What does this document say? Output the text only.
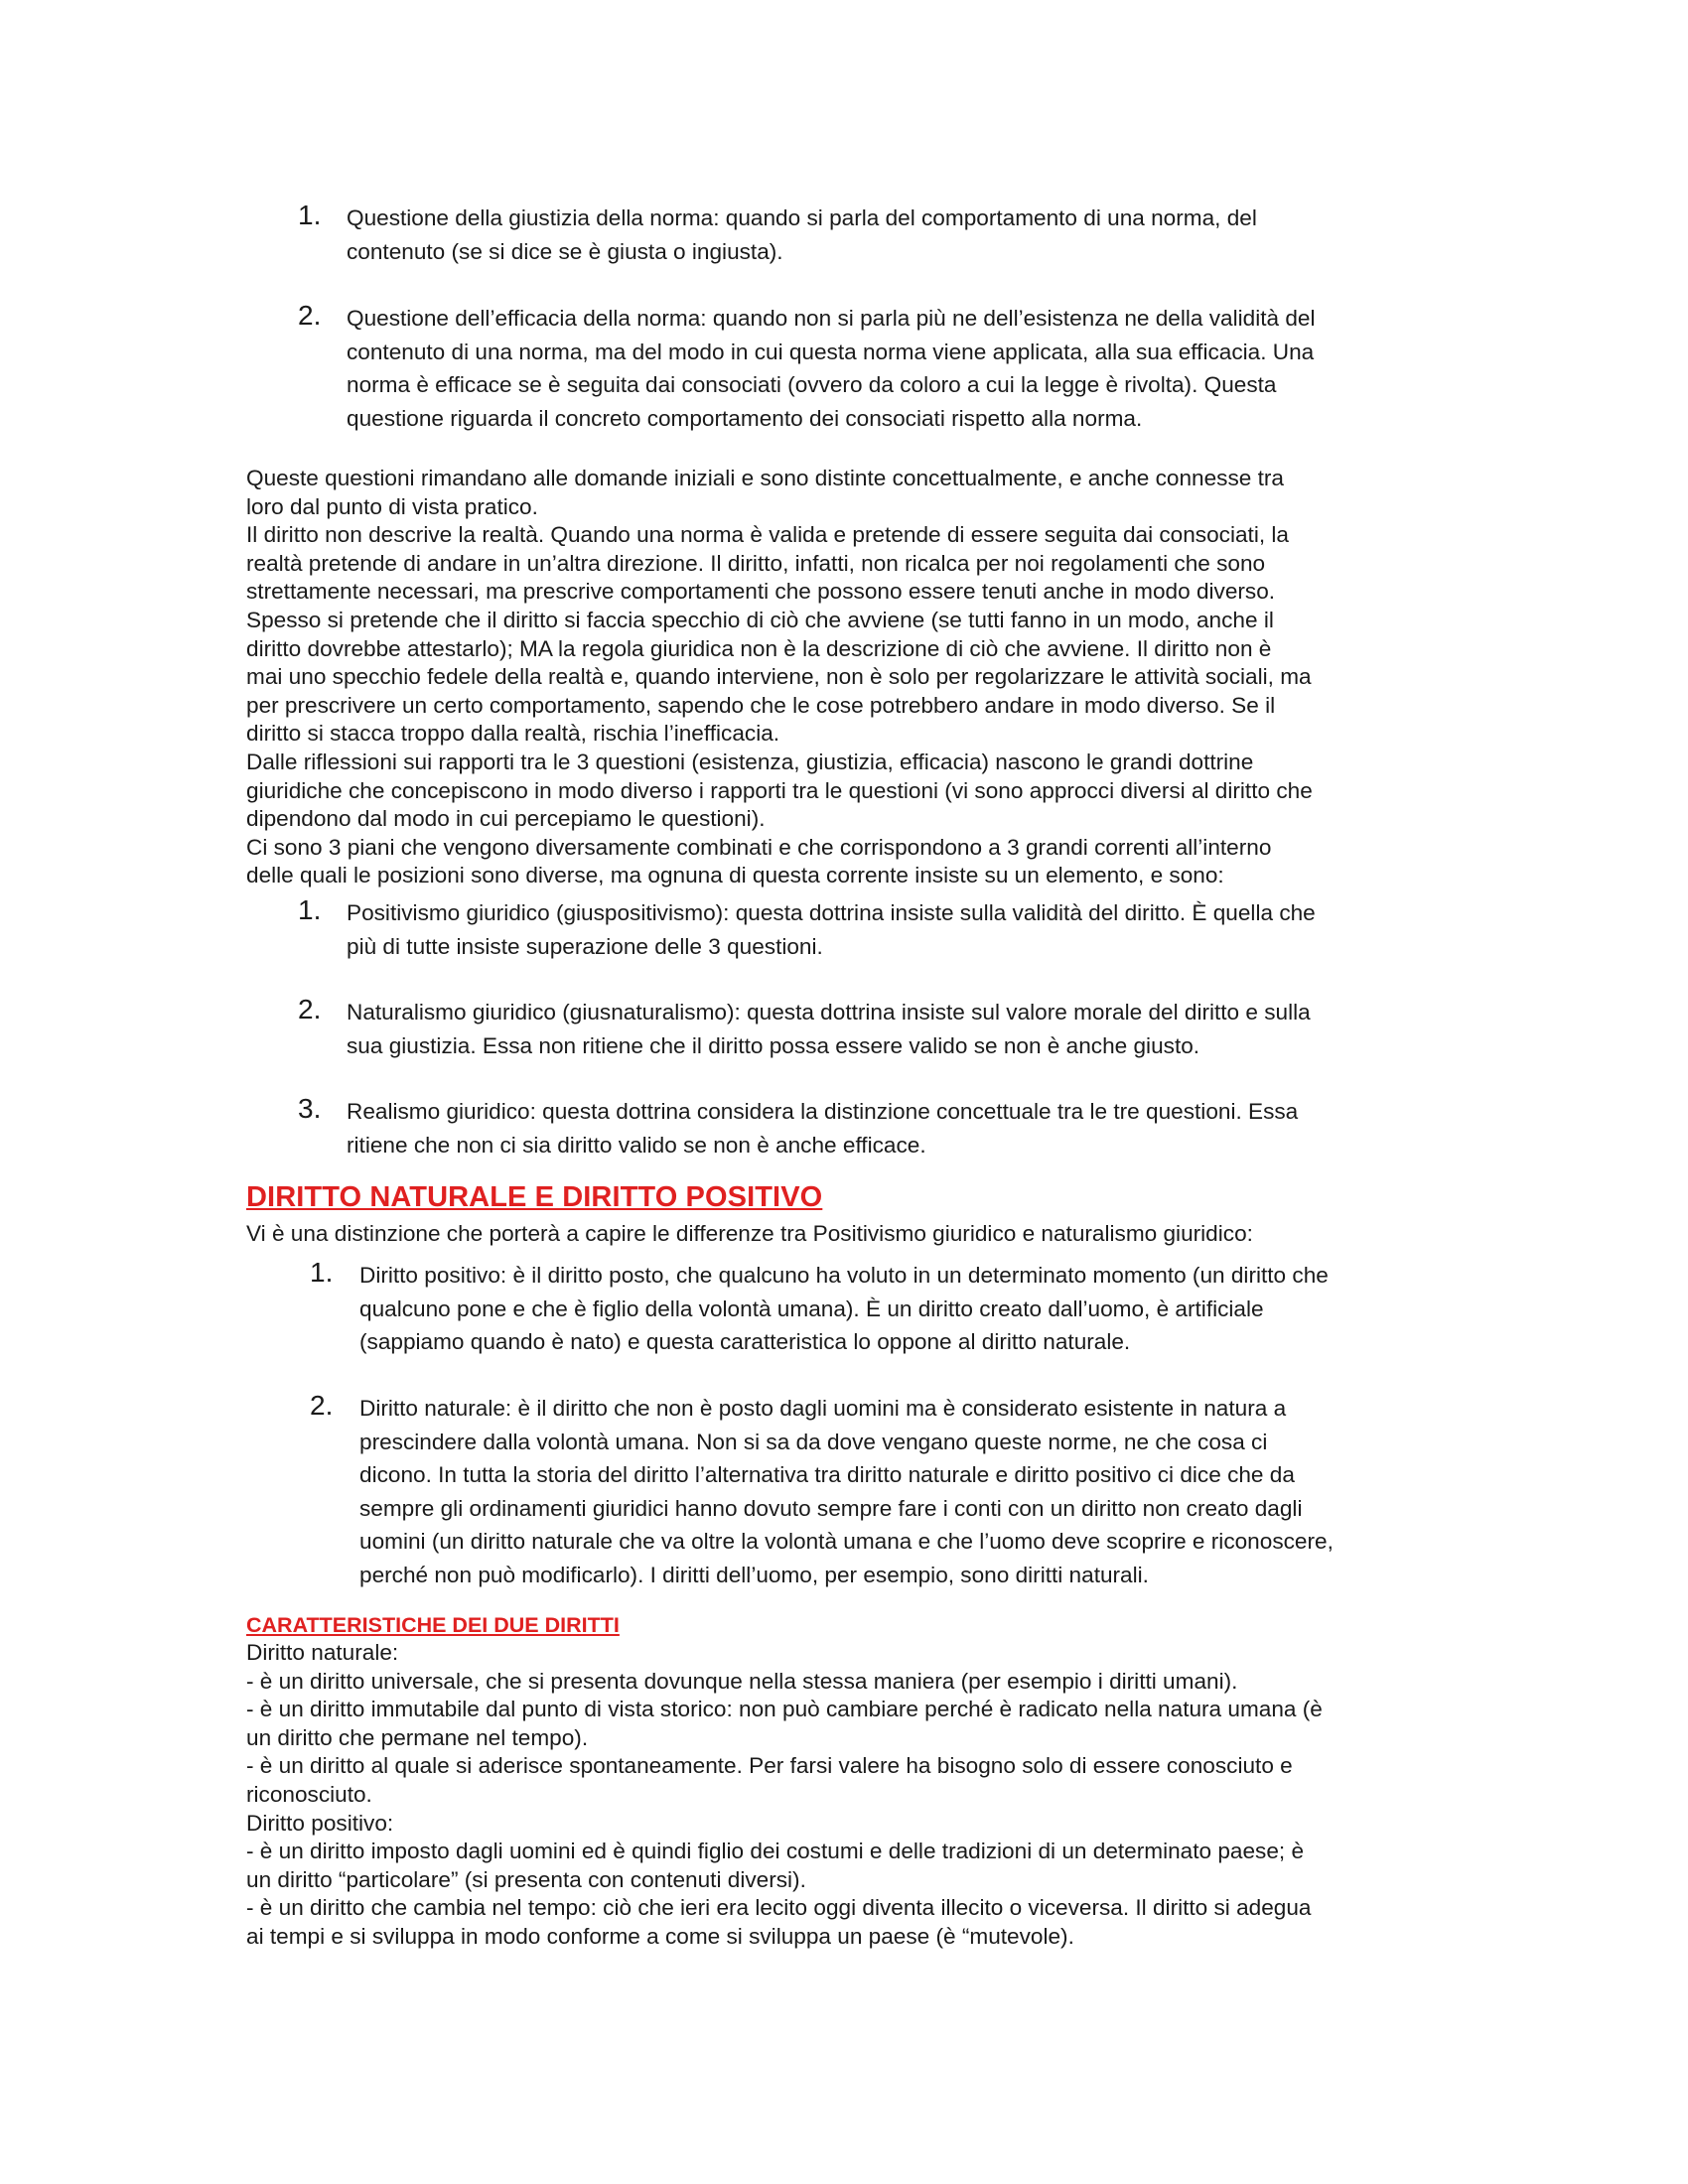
1. Questione della giustizia della norma: quando si parla del comportamento di una norma, del
contenuto (se si dice se è giusta o ingiusta).
2. Questione dell’efficacia della norma: quando non si parla più ne dell’esistenza ne della validità del
contenuto di una norma, ma del modo in cui questa norma viene applicata, alla sua efficacia. Una
norma è efficace se è seguita dai consociati (ovvero da coloro a cui la legge è rivolta). Questa
questione riguarda il concreto comportamento dei consociati rispetto alla norma.

Queste questioni rimandano alle domande iniziali e sono distinte concettualmente, e anche connesse tra

loro dal punto di vista pratico.

Il diritto non descrive la realtà. Quando una norma è valida e pretende di essere seguita dai consociati, la

realtà pretende di andare in un’altra direzione. Il diritto, infatti, non ricalca per noi regolamenti che sono

strettamente necessari, ma prescrive comportamenti che possono essere tenuti anche in modo diverso.

Spesso si pretende che il diritto si faccia specchio di ciò che avviene (se tutti fanno in un modo, anche il

diritto dovrebbe attestarlo); MA la regola giuridica non è la descrizione di ciò che avviene. Il diritto non è

mai uno specchio fedele della realtà e, quando interviene, non è solo per regolarizzare le attività sociali, ma

per prescrivere un certo comportamento, sapendo che le cose potrebbero andare in modo diverso. Se il

diritto si stacca troppo dalla realtà, rischia l’inefficacia.

Dalle riflessioni sui rapporti tra le 3 questioni (esistenza, giustizia, efficacia) nascono le grandi dottrine

giuridiche che concepiscono in modo diverso i rapporti tra le questioni (vi sono approcci diversi al diritto che

dipendono dal modo in cui percepiamo le questioni).

Ci sono 3 piani che vengono diversamente combinati e che corrispondono a 3 grandi correnti all’interno

delle quali le posizioni sono diverse, ma ognuna di questa corrente insiste su un elemento, e sono:

1. Positivismo giuridico (giuspositivismo): questa dottrina insiste sulla validità del diritto. È quella che
più di tutte insiste superazione delle 3 questioni.
2. Naturalismo giuridico (giusnaturalismo): questa dottrina insiste sul valore morale del diritto e sulla
sua giustizia. Essa non ritiene che il diritto possa essere valido se non è anche giusto.
3. Realismo giuridico: questa dottrina considera la distinzione concettuale tra le tre questioni. Essa
ritiene che non ci sia diritto valido se non è anche efficace.
DIRITTO NATURALE E DIRITTO POSITIVO
Vi è una distinzione che porterà a capire le differenze tra Positivismo giuridico e naturalismo giuridico:
1. Diritto positivo: è il diritto posto, che qualcuno ha voluto in un determinato momento (un diritto che
qualcuno pone e che è figlio della volontà umana). È un diritto creato dall’uomo, è artificiale
(sappiamo quando è nato) e questa caratteristica lo oppone al diritto naturale.
2. Diritto naturale: è il diritto che non è posto dagli uomini ma è considerato esistente in natura a
prescindere dalla volontà umana. Non si sa da dove vengano queste norme, ne che cosa ci
dicono. In tutta la storia del diritto l’alternativa tra diritto naturale e diritto positivo ci dice che da
sempre gli ordinamenti giuridici hanno dovuto sempre fare i conti con un diritto non creato dagli
uomini (un diritto naturale che va oltre la volontà umana e che l’uomo deve scoprire e riconoscere,
perché non può modificarlo). I diritti dell’uomo, per esempio, sono diritti naturali.
CARATTERISTICHE DEI DUE DIRITTI

Diritto naturale:

- è un diritto universale, che si presenta dovunque nella stessa maniera (per esempio i diritti umani).

- è un diritto immutabile dal punto di vista storico: non può cambiare perché è radicato nella natura umana (è

un diritto che permane nel tempo).

- è un diritto al quale si aderisce spontaneamente. Per farsi valere ha bisogno solo di essere conosciuto e

riconosciuto.

Diritto positivo:

- è un diritto imposto dagli uomini ed è quindi figlio dei costumi e delle tradizioni di un determinato paese; è

un diritto “particolare” (si presenta con contenuti diversi).

- è un diritto che cambia nel tempo: ciò che ieri era lecito oggi diventa illecito o viceversa. Il diritto si adegua

ai tempi e si sviluppa in modo conforme a come si sviluppa un paese (è “mutevole).
